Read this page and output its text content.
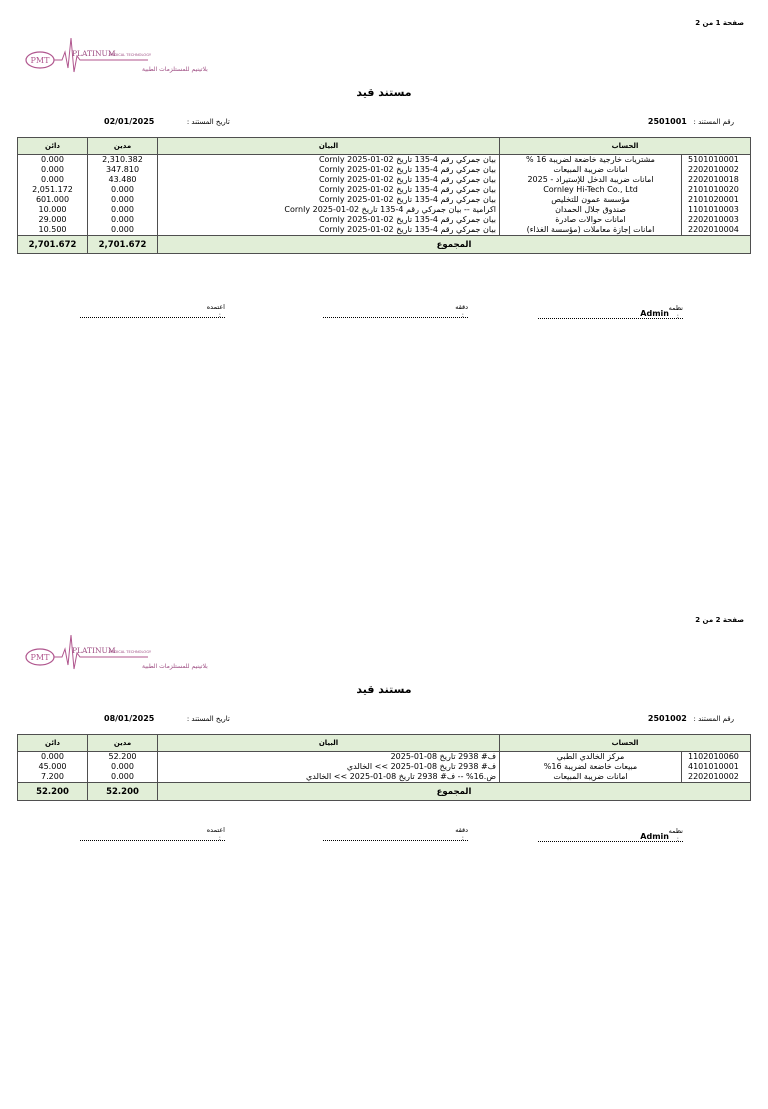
صفحة 1 من 2
PMT
PLATINUM
MEDICAL TECHNOLOGY
بلاتينيم للمستلزمات الطبية
مستند قيد
رقم المستند :   2501001
02/01/2025	تاريخ المستند :
دائن	مدين	البيان	الحساب	
0.000	2,310.382	بيان جمركي رقم 4-135 تاريخ 02-01-2025 Cornly	مشتريات خارجية خاضعة لضريبة 16 %	5101010001
0.000	347.810	بيان جمركي رقم 4-135 تاريخ 02-01-2025 Cornly	امانات ضريبة المبيعات	2202010002
0.000	43.480	بيان جمركي رقم 4-135 تاريخ 02-01-2025 Cornly	امانات ضريبة الدخل للإستيراد - 2025	2202010018
2,051.172	0.000	بيان جمركي رقم 4-135 تاريخ 02-01-2025 Cornly	Cornley Hi-Tech Co., Ltd	2101010020
601.000	0.000	بيان جمركي رقم 4-135 تاريخ 02-01-2025 Cornly	مؤسسة عمون للتخليص	2101020001
10.000	0.000	اكرامية -- بيان جمركي رقم 4-135 تاريخ 02-01-2025 Cornly	صندوق جلال الحمدان	1101010003
29.000	0.000	بيان جمركي رقم 4-135 تاريخ 02-01-2025 Cornly	امانات حوالات صادرة	2202010003
10.500	0.000	بيان جمركي رقم 4-135 تاريخ 02-01-2025 Cornly	امانات إجازة معاملات (مؤسسة الغذاء)	2202010004
2,701.672	2,701.672	المجموع		
نظمه
Admin :
دققه
:
اعتمده
:
صفحة 2 من 2
PMT
PLATINUM
MEDICAL TECHNOLOGY
بلاتينيم للمستلزمات الطبية
مستند قيد
رقم المستند :   2501002
08/01/2025	تاريخ المستند :
دائن	مدين	البيان	الحساب	
0.000	52.200	ف# 2938 تاريخ 08-01-2025	مركز الخالدي الطبي	1102010060
45.000	0.000	ف# 2938 تاريخ 08-01-2025 >> الخالدي	مبيعات خاضعة لضريبة 16%	4101010001
7.200	0.000	ض.16% -- ف# 2938 تاريخ 08-01-2025 >> الخالدي	امانات ضريبة المبيعات	2202010002
52.200	52.200	المجموع		
نظمه
Admin :
دققه
:
اعتمده
:
